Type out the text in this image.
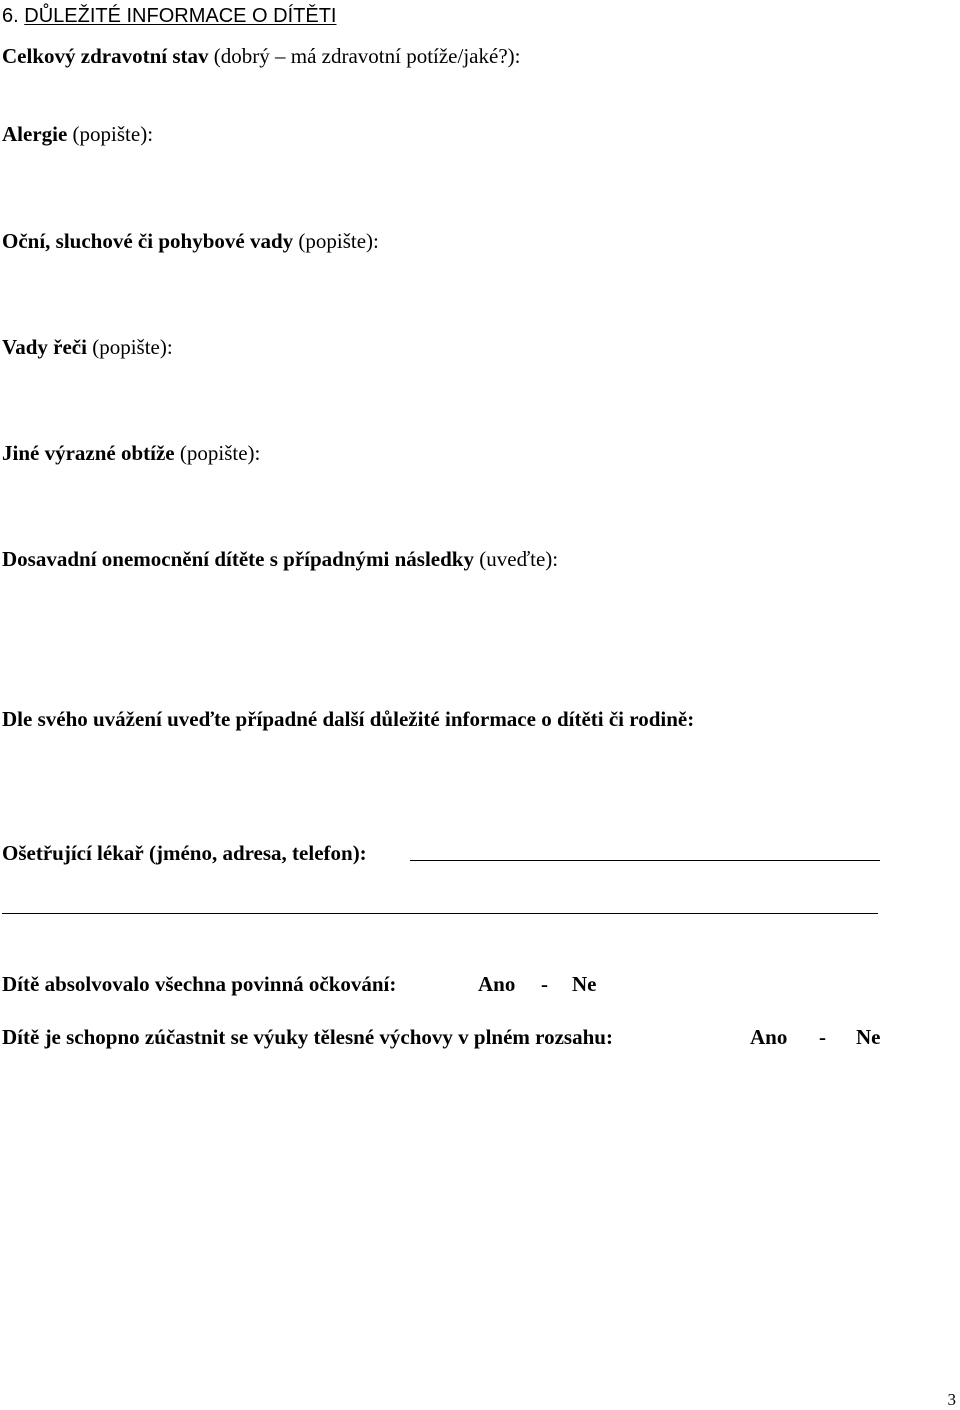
6. DŮLEŽITÉ INFORMACE O DÍTĚTI
Celkový zdravotní stav (dobrý – má zdravotní potíže/jaké?):
Alergie (popište):
Oční, sluchové či pohybové vady (popište):
Vady řeči (popište):
Jiné výrazné obtíže (popište):
Dosavadní onemocnění dítěte s případnými následky (uveďte):
Dle svého uvážení uveďte případné další důležité informace o dítěti či rodině:
Ošetřující lékař (jméno, adresa, telefon):
Dítě absolvovalo všechna povinná očkování:	Ano - Ne
Dítě je schopno zúčastnit se výuky tělesné výchovy v plném rozsahu:	Ano - Ne
3
